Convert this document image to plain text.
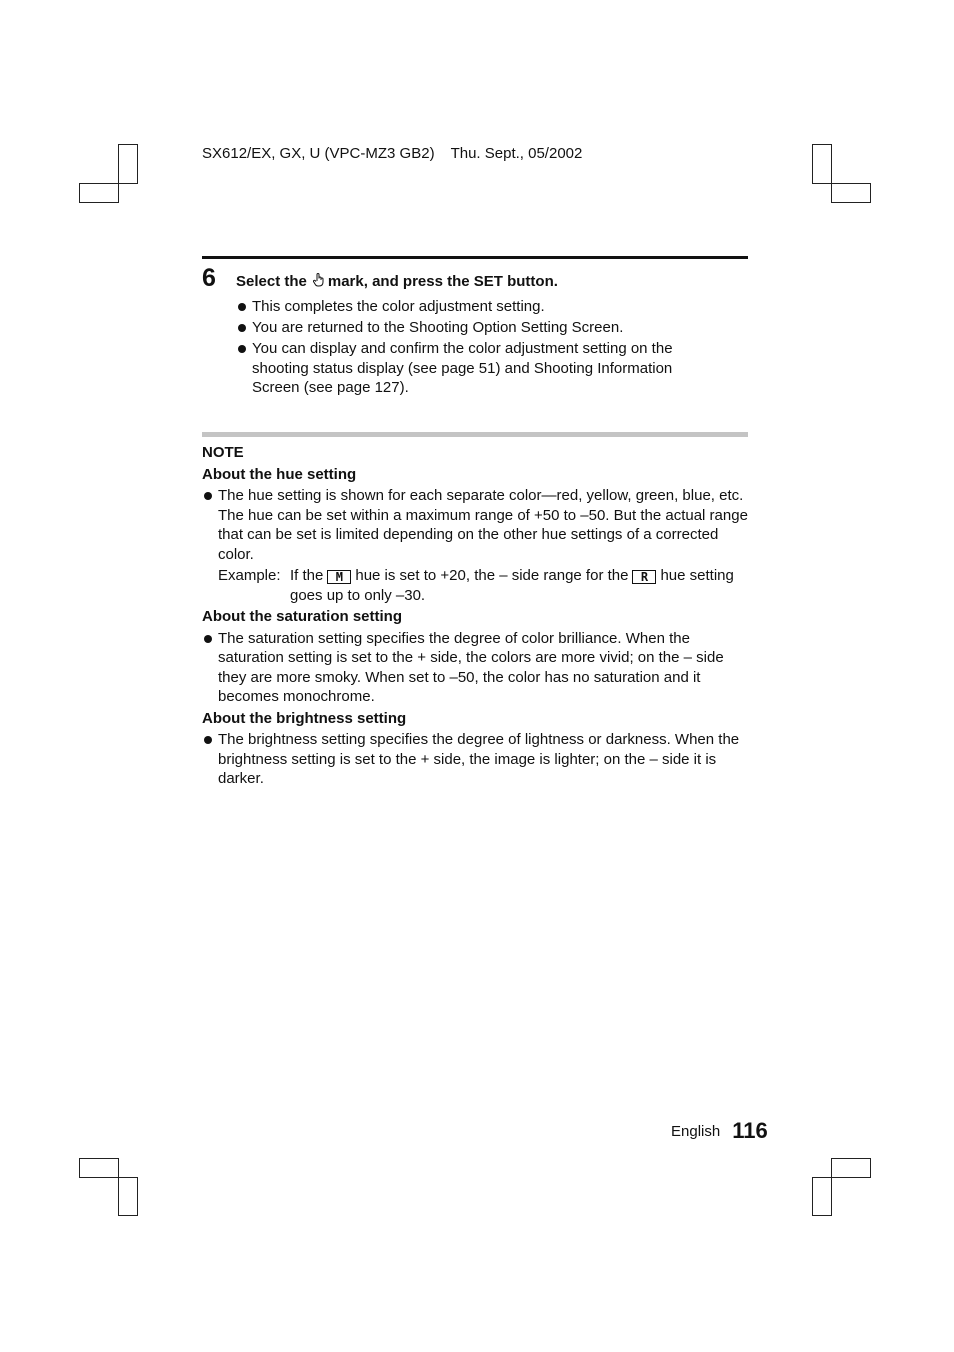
SX612/EX, GX, U (VPC-MZ3 GB2) Thu. Sept., 05/2002
6 Select the mark, and press the SET button.
This completes the color adjustment setting.
You are returned to the Shooting Option Setting Screen.
You can display and confirm the color adjustment setting on the shooting status display (see page 51) and Shooting Information Screen (see page 127).
NOTE
About the hue setting
The hue setting is shown for each separate color—red, yellow, green, blue, etc. The hue can be set within a maximum range of +50 to –50. But the actual range that can be set is limited depending on the other hue settings of a corrected color.
Example: If the M hue is set to +20, the – side range for the R hue setting goes up to only –30.
About the saturation setting
The saturation setting specifies the degree of color brilliance. When the saturation setting is set to the + side, the colors are more vivid; on the – side they are more smoky. When set to –50, the color has no saturation and it becomes monochrome.
About the brightness setting
The brightness setting specifies the degree of lightness or darkness. When the brightness setting is set to the + side, the image is lighter; on the – side it is darker.
English 116
